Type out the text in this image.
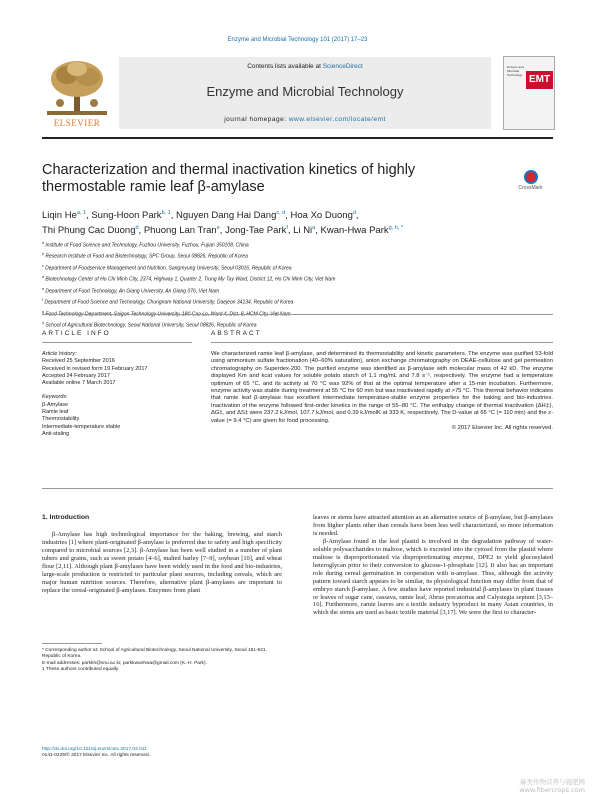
Enzyme and Microbial Technology 101 (2017) 17–23
ELSEVIER
Contents lists available at ScienceDirect
Enzyme and Microbial Technology
journal homepage: www.elsevier.com/locate/emt
Enzyme and Microbial Technology EMT
Characterization and thermal inactivation kinetics of highly thermostable ramie leaf β-amylase	CrossMark
Liqin He$^{a, 1}$, Sung-Hoon Park$^{b, 1}$, Nguyen Dang Hai Dang$^{c, d}$, Hoa Xo Duong$^d$,
Thi Phung Cac Duong$^d$, Phuong Lan Tran$^e$, Jong-Tae Park$^f$, Li Ni$^a$, Kwan-Hwa Park$^{g, h, *}$
$^a$ Institute of Food Science and Technology, Fuzhou University, Fuzhou, Fujian 350108, China
$^b$ Research Institute of Food and Biotechnology, SPC Group, Seoul 08826, Republic of Korea
$^c$ Department of Foodservice Management and Nutrition, Sangmyung University, Seoul 03016, Republic of Korea
$^d$ Biotechnology Center of Ho Chi Minh City, 2374, Highway 1, Quarter 2, Trung My Tay Ward, District 12, Ho Chi Minh City, Viet Nam
$^e$ Department of Food Technology, An Giang University, An Giang 076, Viet Nam
$^f$ Department of Food Science and Technology, Chungnam National University, Daejeon 34134, Republic of Korea
$^g$
$^h$ School of Agricultural Biotechnology, Seoul National University, Seoul 08826, Republic of Korea
ARTICLE INFO	ABSTRACT
Article history:
Received 25 September 2016
Received in revised form 19 February 2017
Accepted 24 February 2017
Available online 7 March 2017
Keywords:
β-Amylase
Ramie leaf
Thermostability
Intermediate-temperature stable
Anti-staling
We characterized ramie leaf β-amylase, and determined its thermostability and kinetic parameters. The enzyme was purified 53-fold using ammonium sulfate fractionation (40–60% saturation), anion exchange chromatography on DEAE-cellulose and gel permeation chromatography on Superdex-200. The purified enzyme was identified as β-amylase with molecular mass of 42 kD. The enzyme displayed Km and kcat values for soluble potato starch of 1.1 mg/mL and 7.8 s⁻¹, respectively. The enzyme had a temperature optimum of 65 °C, and its activity at 70 °C was 92% of that at the optimal temperature after a 15-min incubation. Furthermore, enzyme activity was stable during treatment at 55 °C for 60 min but was inactivated rapidly at >75 °C. This thermal behavior indicates that ramie leaf β-amylase has excellent intermediate temperature-stable enzyme properties for the baking and bio-industries. Inactivation of the enzyme followed first-order kinetics in the range of 55–80 °C. The enthalpy change of thermal inactivation (ΔH‡), ΔG‡, and ΔS‡ were 237.2 kJ/mol, 107.7 kJ/mol, and 0.39 kJ/molK at 333 K, respectively. The D-value at 65 °C (= 110 min) and the z-value (= 9.4 °C) are given for food processing.
© 2017 Elsevier Inc. All rights reserved.
1. Introduction

β-Amylase has high technological importance for the baking, brewing, and starch industries [1] where plant-originated β-amylase is preferred due to safety and high specificity compared to microbial sources [2,3]. β-Amylase has been well studied in a number of plant tubers and grains, such as sweet potato [4–6], malted barley [7–9], soybean [10], and wheat flour [2,11]. Although plant β-amylases have been widely used in the food and bio-industries, large-scale production is restricted to particular plant sources, including cereals, which are major human nutrition sources. Therefore, alternative plant β-amylases are important to replace the cereal-originated β-amylases. Enzymes from plant

leaves or stems have attracted attention as an alternative source of β-amylase, but β-amylases from higher plants other than cereals have been less well characterized, so more information is needed.

β-Amylase found in the leaf plastid is involved in the degradation pathway of water-soluble polysaccharides to maltose, which is excreted into the cytosol from the plastid where maltose is disproportionated via disproportionating enzyme, DPE2 to yield glucosylated heteroglycan prior to their conversion to glucose-1-phosphate [12]. It also has an important role during cereal germination in cooperation with α-amylase. Thus, although the activity pattern toward starch appears to be similar, its physiological function may differ from that of embryo starch β-amylase. A few studies have reported industrial β-amylases in plant tissues or leaves of sugar cane, cassava, ramie leaf, Abrus precatorius and Calystegia septum [3,13–16]. Furthermore, ramie leaves are a textile industry byproduct in many Asian countries, in which the stems are used as basic textile material [3,17]. We were the first to character-

* Corresponding author at: School of Agricultural Biotechnology, Seoul National University, Seoul 151-921, Republic of Korea.
E-mail addresses: parkkh@snu.ac.kr, parkkwanhwa@gmail.com (K.-H. Park).
1 These authors contributed equally.
http://dx.doi.org/10.1016/j.enzmictec.2017.02.011
0141-0229/© 2017 Elsevier Inc. All rights reserved.
麻类作物营养与施肥网 www.fibercrops.com
